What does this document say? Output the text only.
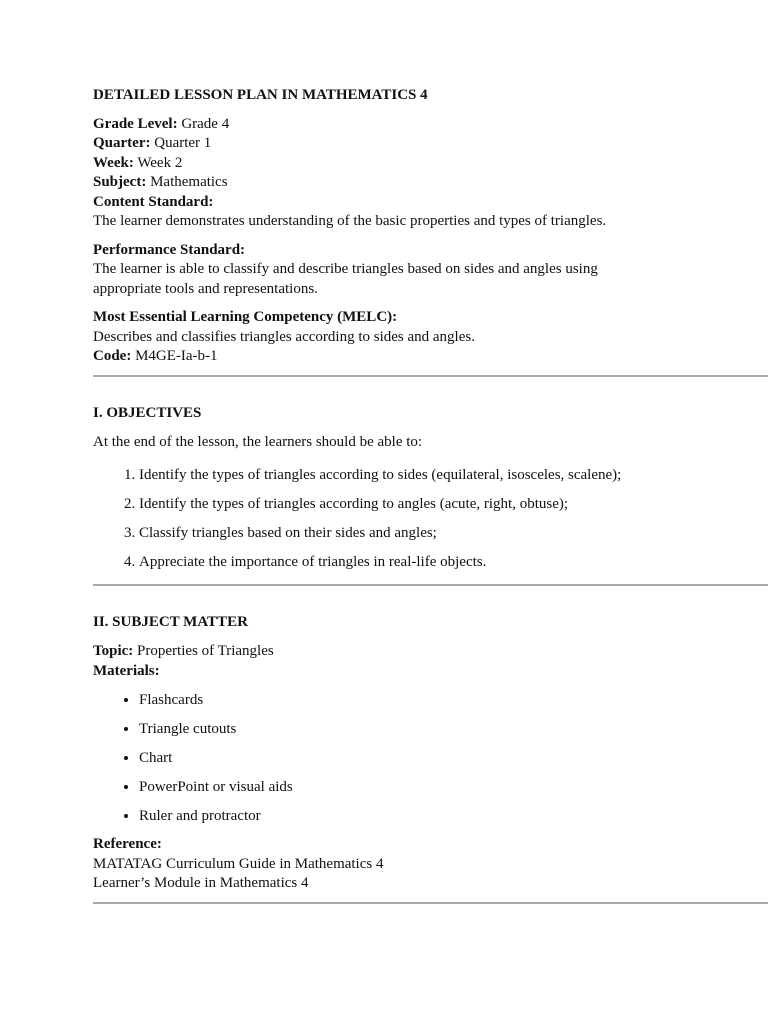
DETAILED LESSON PLAN IN MATHEMATICS 4

Grade Level: Grade 4

Quarter: Quarter 1

Week: Week 2

Subject: Mathematics

Content Standard:

The learner demonstrates understanding of the basic properties and types of triangles.

Performance Standard:

The learner is able to classify and describe triangles based on sides and angles using

appropriate tools and representations.

Most Essential Learning Competency (MELC):

Describes and classifies triangles according to sides and angles.

Code: M4GE-Ia-b-1

I. OBJECTIVES

At the end of the lesson, the learners should be able to:

1. Identify the types of triangles according to sides (equilateral, isosceles, scalene);
2. Identify the types of triangles according to angles (acute, right, obtuse);
3. Classify triangles based on their sides and angles;
4. Appreciate the importance of triangles in real-life objects.

II. SUBJECT MATTER

Topic: Properties of Triangles

Materials:

• Flashcards
• Triangle cutouts
• Chart
• PowerPoint or visual aids
• Ruler and protractor

Reference:

MATATAG Curriculum Guide in Mathematics 4

Learner’s Module in Mathematics 4
